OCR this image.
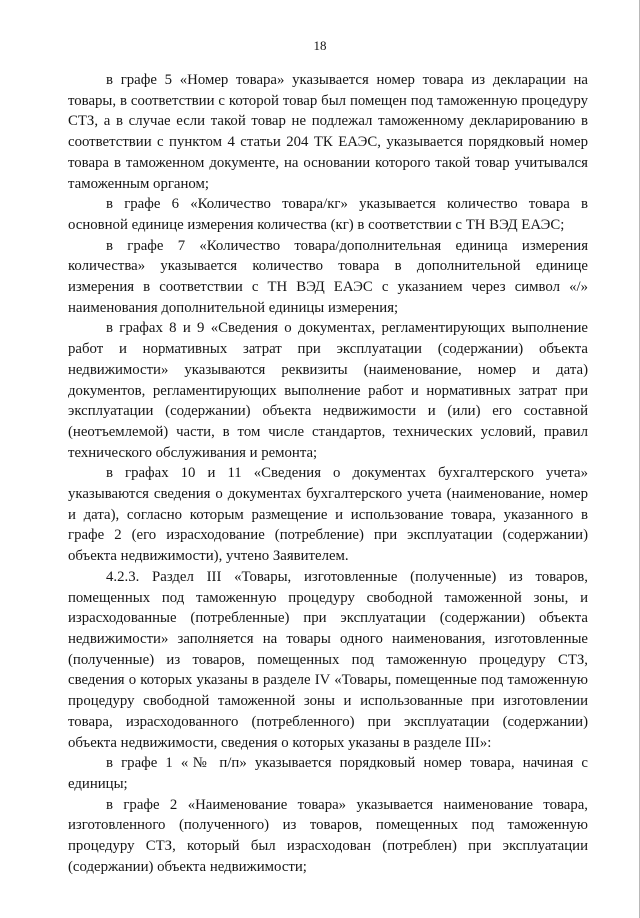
18

в графе 5 «Номер товара» указывается номер товара из декларации на товары, в соответствии с которой товар был помещен под таможенную процедуру СТЗ, а в случае если такой товар не подлежал таможенному декларированию в соответствии с пунктом 4 статьи 204 ТК ЕАЭС, указывается порядковый номер товара в таможенном документе, на основании которого такой товар учитывался таможенным органом;

в графе 6 «Количество товара/кг» указывается количество товара в основной единице измерения количества (кг) в соответствии с ТН ВЭД ЕАЭС;

в графе 7 «Количество товара/дополнительная единица измерения количества» указывается количество товара в дополнительной единице измерения в соответствии с ТН ВЭД ЕАЭС с указанием через символ «/» наименования дополнительной единицы измерения;

в графах 8 и 9 «Сведения о документах, регламентирующих выполнение работ и нормативных затрат при эксплуатации (содержании) объекта недвижимости» указываются реквизиты (наименование, номер и дата) документов, регламентирующих выполнение работ и нормативных затрат при эксплуатации (содержании) объекта недвижимости и (или) его составной (неотъемлемой) части, в том числе стандартов, технических условий, правил технического обслуживания и ремонта;

в графах 10 и 11 «Сведения о документах бухгалтерского учета» указываются сведения о документах бухгалтерского учета (наименование, номер и дата), согласно которым размещение и использование товара, указанного в графе 2 (его израсходование (потребление) при эксплуатации (содержании) объекта недвижимости), учтено Заявителем.

4.2.3. Раздел III «Товары, изготовленные (полученные) из товаров, помещенных под таможенную процедуру свободной таможенной зоны, и израсходованные (потребленные) при эксплуатации (содержании) объекта недвижимости» заполняется на товары одного наименования, изготовленные (полученные) из товаров, помещенных под таможенную процедуру СТЗ, сведения о которых указаны в разделе IV «Товары, помещенные под таможенную процедуру свободной таможенной зоны и использованные при изготовлении товара, израсходованного (потребленного) при эксплуатации (содержании) объекта недвижимости, сведения о которых указаны в разделе III»:

в графе 1 «№ п/п» указывается порядковый номер товара, начиная с единицы;

в графе 2 «Наименование товара» указывается наименование товара, изготовленного (полученного) из товаров, помещенных под таможенную процедуру СТЗ, который был израсходован (потреблен) при эксплуатации (содержании) объекта недвижимости;
